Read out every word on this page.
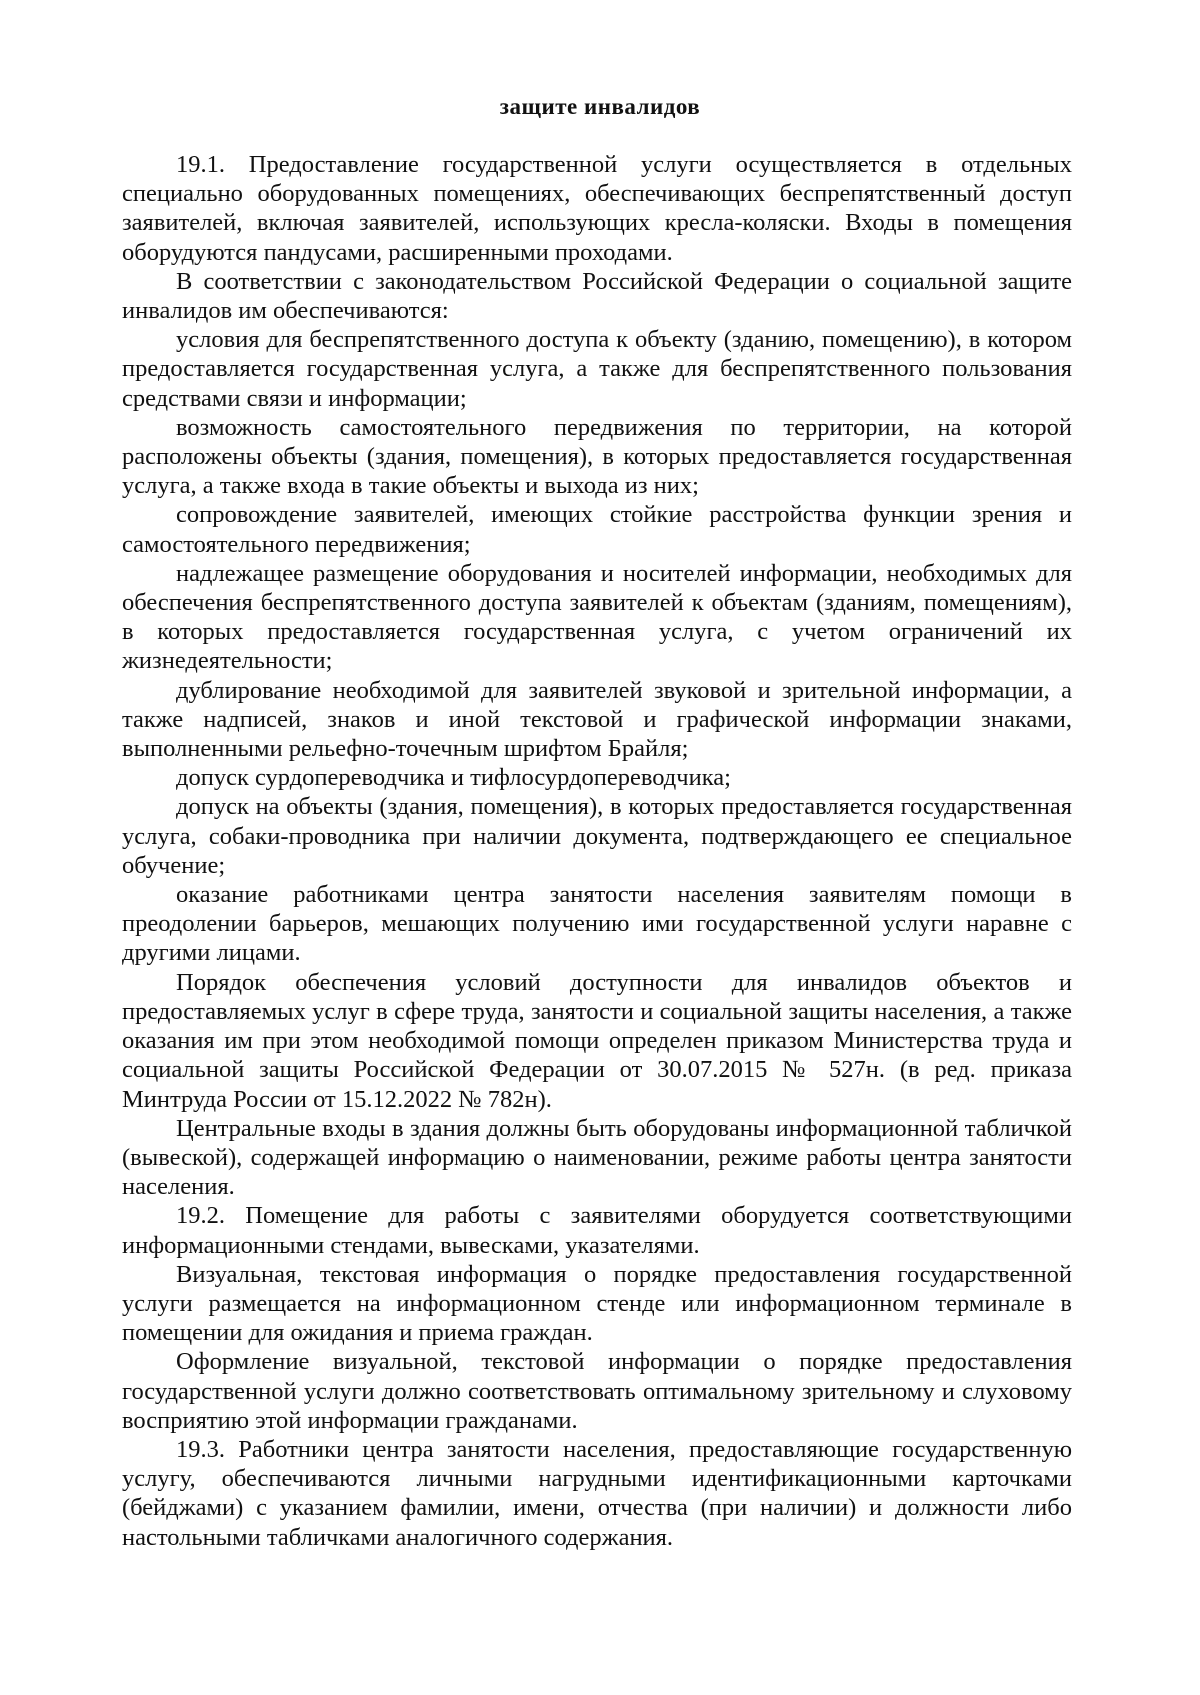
защите инвалидов

19.1. Предоставление государственной услуги осуществляется в отдельных специально оборудованных помещениях, обеспечивающих беспрепятственный доступ заявителей, включая заявителей, использующих кресла-коляски. Входы в помещения оборудуются пандусами, расширенными проходами.

В соответствии с законодательством Российской Федерации о социальной защите инвалидов им обеспечиваются:

условия для беспрепятственного доступа к объекту (зданию, помещению), в котором предоставляется государственная услуга, а также для беспрепятственного пользования средствами связи и информации;

возможность самостоятельного передвижения по территории, на которой расположены объекты (здания, помещения), в которых предоставляется государственная услуга, а также входа в такие объекты и выхода из них;

сопровождение заявителей, имеющих стойкие расстройства функции зрения и самостоятельного передвижения;

надлежащее размещение оборудования и носителей информации, необходимых для обеспечения беспрепятственного доступа заявителей к объектам (зданиям, помещениям), в которых предоставляется государственная услуга, с учетом ограничений их жизнедеятельности;

дублирование необходимой для заявителей звуковой и зрительной информации, а также надписей, знаков и иной текстовой и графической информации знаками, выполненными рельефно-точечным шрифтом Брайля;

допуск сурдопереводчика и тифлосурдопереводчика;

допуск на объекты (здания, помещения), в которых предоставляется государственная услуга, собаки-проводника при наличии документа, подтверждающего ее специальное обучение;

оказание работниками центра занятости населения заявителям помощи в преодолении барьеров, мешающих получению ими государственной услуги наравне с другими лицами.

Порядок обеспечения условий доступности для инвалидов объектов и предоставляемых услуг в сфере труда, занятости и социальной защиты населения, а также оказания им при этом необходимой помощи определен приказом Министерства труда и социальной защиты Российской Федерации от 30.07.2015 № 527н. (в ред. приказа Минтруда России от 15.12.2022 № 782н).

Центральные входы в здания должны быть оборудованы информационной табличкой (вывеской), содержащей информацию о наименовании, режиме работы центра занятости населения.

19.2. Помещение для работы с заявителями оборудуется соответствующими информационными стендами, вывесками, указателями.

Визуальная, текстовая информация о порядке предоставления государственной услуги размещается на информационном стенде или информационном терминале в помещении для ожидания и приема граждан.

Оформление визуальной, текстовой информации о порядке предоставления государственной услуги должно соответствовать оптимальному зрительному и слуховому восприятию этой информации гражданами.

19.3. Работники центра занятости населения, предоставляющие государственную услугу, обеспечиваются личными нагрудными идентификационными карточками (бейджами) с указанием фамилии, имени, отчества (при наличии) и должности либо настольными табличками аналогичного содержания.
